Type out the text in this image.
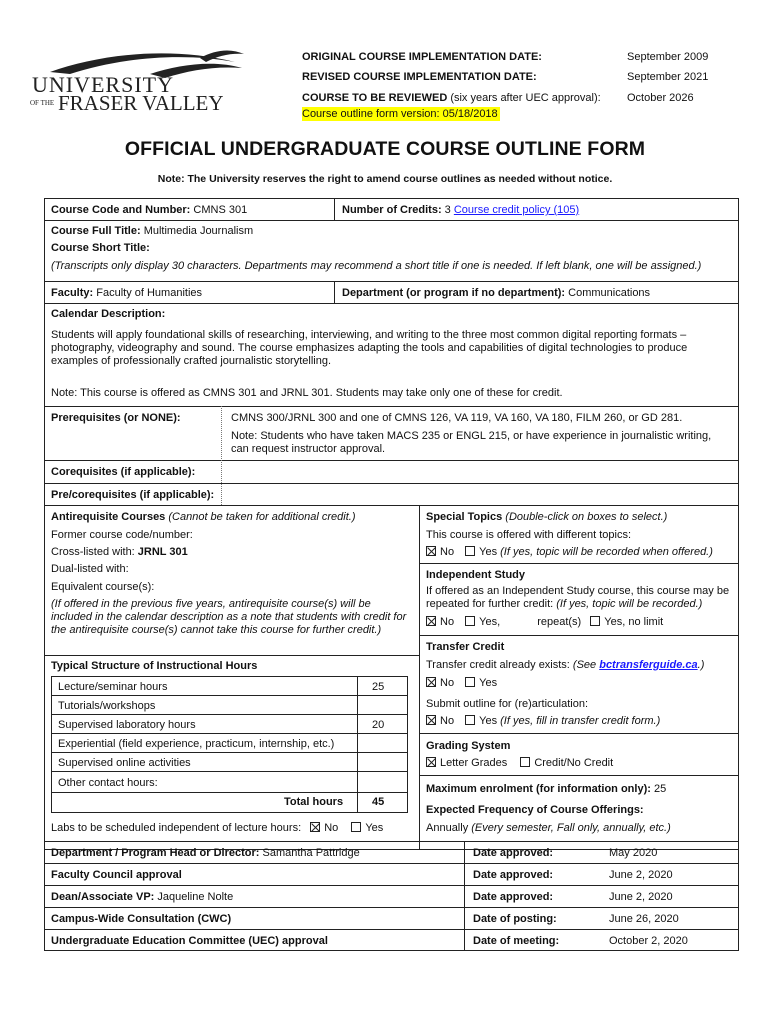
UNIVERSITY
OF THE FRASER VALLEY
ORIGINAL COURSE IMPLEMENTATION DATE:	September 2009
REVISED COURSE IMPLEMENTATION DATE:	September 2021
COURSE TO BE REVIEWED (six years after UEC approval): October 2026
Course outline form version: 05/18/2018
OFFICIAL UNDERGRADUATE COURSE OUTLINE FORM
Note: The University reserves the right to amend course outlines as needed without notice.
Course Code and Number: CMNS 301	Number of Credits: 3 Course credit policy (105)
Course Full Title: Multimedia Journalism
Course Short Title:
(Transcripts only display 30 characters. Departments may recommend a short title if one is needed. If left blank, one will be assigned.)
Faculty: Faculty of Humanities	Department (or program if no department): Communications
Calendar Description:
Students will apply foundational skills of researching, interviewing, and writing to the three most common digital reporting formats – photography, videography and sound. The course emphasizes adapting the tools and capabilities of digital technologies to produce examples of professionally crafted journalistic storytelling.
Note: This course is offered as CMNS 301 and JRNL 301. Students may take only one of these for credit.
Prerequisites (or NONE):	CMNS 300/JRNL 300 and one of CMNS 126, VA 119, VA 160, VA 180, FILM 260, or GD 281.
Note: Students who have taken MACS 235 or ENGL 215, or have experience in journalistic writing, can request instructor approval.
Corequisites (if applicable):
Pre/corequisites (if applicable):
Antirequisite Courses (Cannot be taken for additional credit.)
Former course code/number:
Cross-listed with: JRNL 301
Dual-listed with:
Equivalent course(s):
(If offered in the previous five years, antirequisite course(s) will be included in the calendar description as a note that students with credit for the antirequisite course(s) cannot take this course for further credit.)
Typical Structure of Instructional Hours
Lecture/seminar hours	25
Tutorials/workshops
Supervised laboratory hours	20
Experiential (field experience, practicum, internship, etc.)
Supervised online activities
Other contact hours:
Total hours	45
Labs to be scheduled independent of lecture hours: No Yes
Special Topics (Double-click on boxes to select.)
This course is offered with different topics:
No Yes (If yes, topic will be recorded when offered.)
Independent Study
If offered as an Independent Study course, this course may be repeated for further credit: (If yes, topic will be recorded.)
No Yes,	repeat(s) Yes, no limit
Transfer Credit
Transfer credit already exists: (See bctransferguide.ca.)
No Yes
Submit outline for (re)articulation:
No Yes (If yes, fill in transfer credit form.)
Grading System
Letter Grades Credit/No Credit
Maximum enrolment (for information only): 25
Expected Frequency of Course Offerings:
Annually (Every semester, Fall only, annually, etc.)
Department / Program Head or Director: Samantha Pattridge	Date approved:	May 2020
Faculty Council approval	Date approved:	June 2, 2020
Dean/Associate VP: Jaqueline Nolte	Date approved:	June 2, 2020
Campus-Wide Consultation (CWC)	Date of posting:	June 26, 2020
Undergraduate Education Committee (UEC) approval	Date of meeting:	October 2, 2020
